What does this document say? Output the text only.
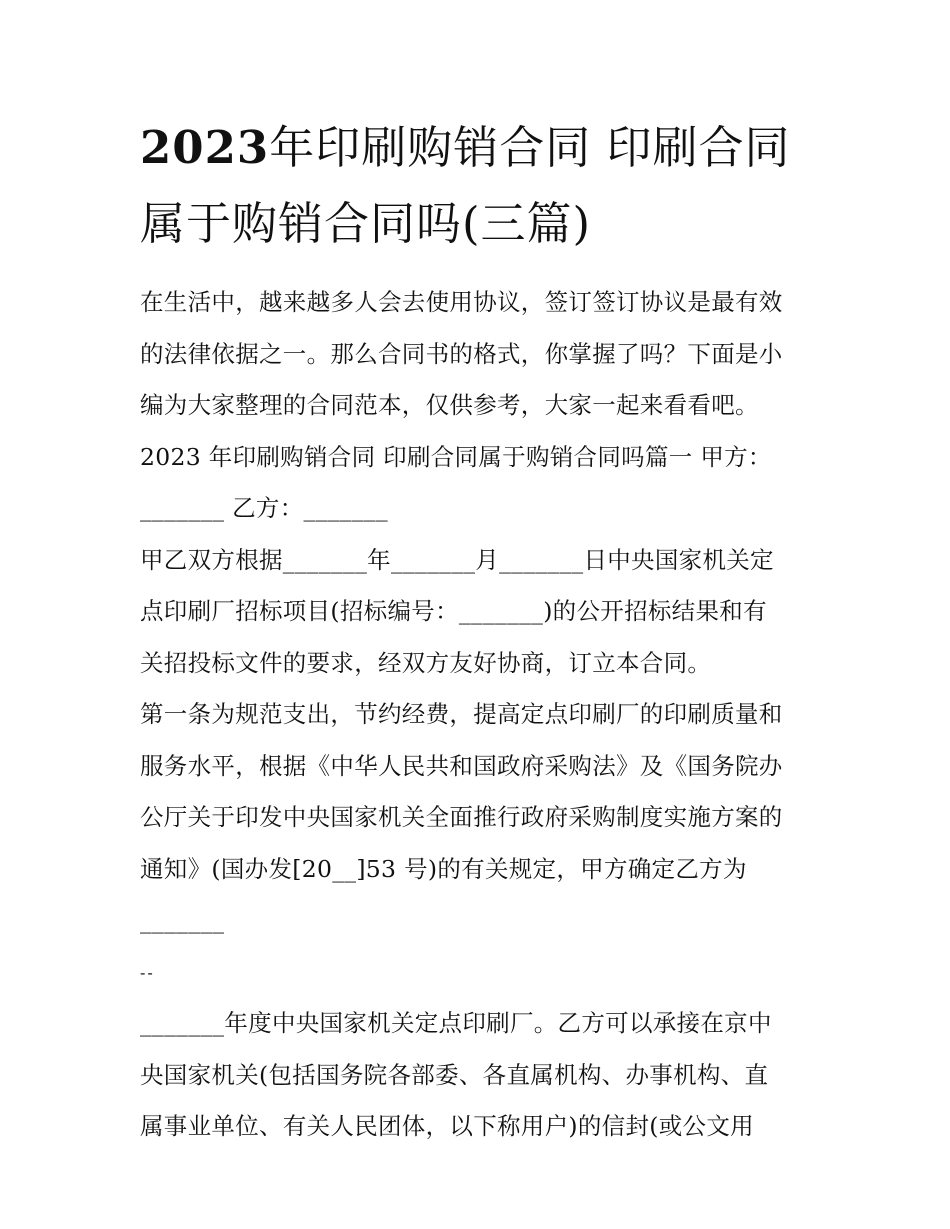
2023年印刷购销合同 印刷合同属于购销合同吗(三篇)
在生活中，越来越多人会去使用协议，签订签订协议是最有效
的法律依据之一。那么合同书的格式，你掌握了吗？下面是小
编为大家整理的合同范本，仅供参考，大家一起来看看吧。
2023 年印刷购销合同 印刷合同属于购销合同吗篇一 甲方：
_______ 乙方：_______
甲乙双方根据_______年_______月_______日中央国家机关定
点印刷厂招标项目(招标编号：_______)的公开招标结果和有
关招投标文件的要求，经双方友好协商，订立本合同。
第一条为规范支出，节约经费，提高定点印刷厂的印刷质量和
服务水平，根据《中华人民共和国政府采购法》及《国务院办
公厅关于印发中央国家机关全面推行政府采购制度实施方案的
通知》(国办发[20__]53 号)的有关规定，甲方确定乙方为
_______
--
_______年度中央国家机关定点印刷厂。乙方可以承接在京中
央国家机关(包括国务院各部委、各直属机构、办事机构、直
属事业单位、有关人民团体，以下称用户)的信封(或公文用
